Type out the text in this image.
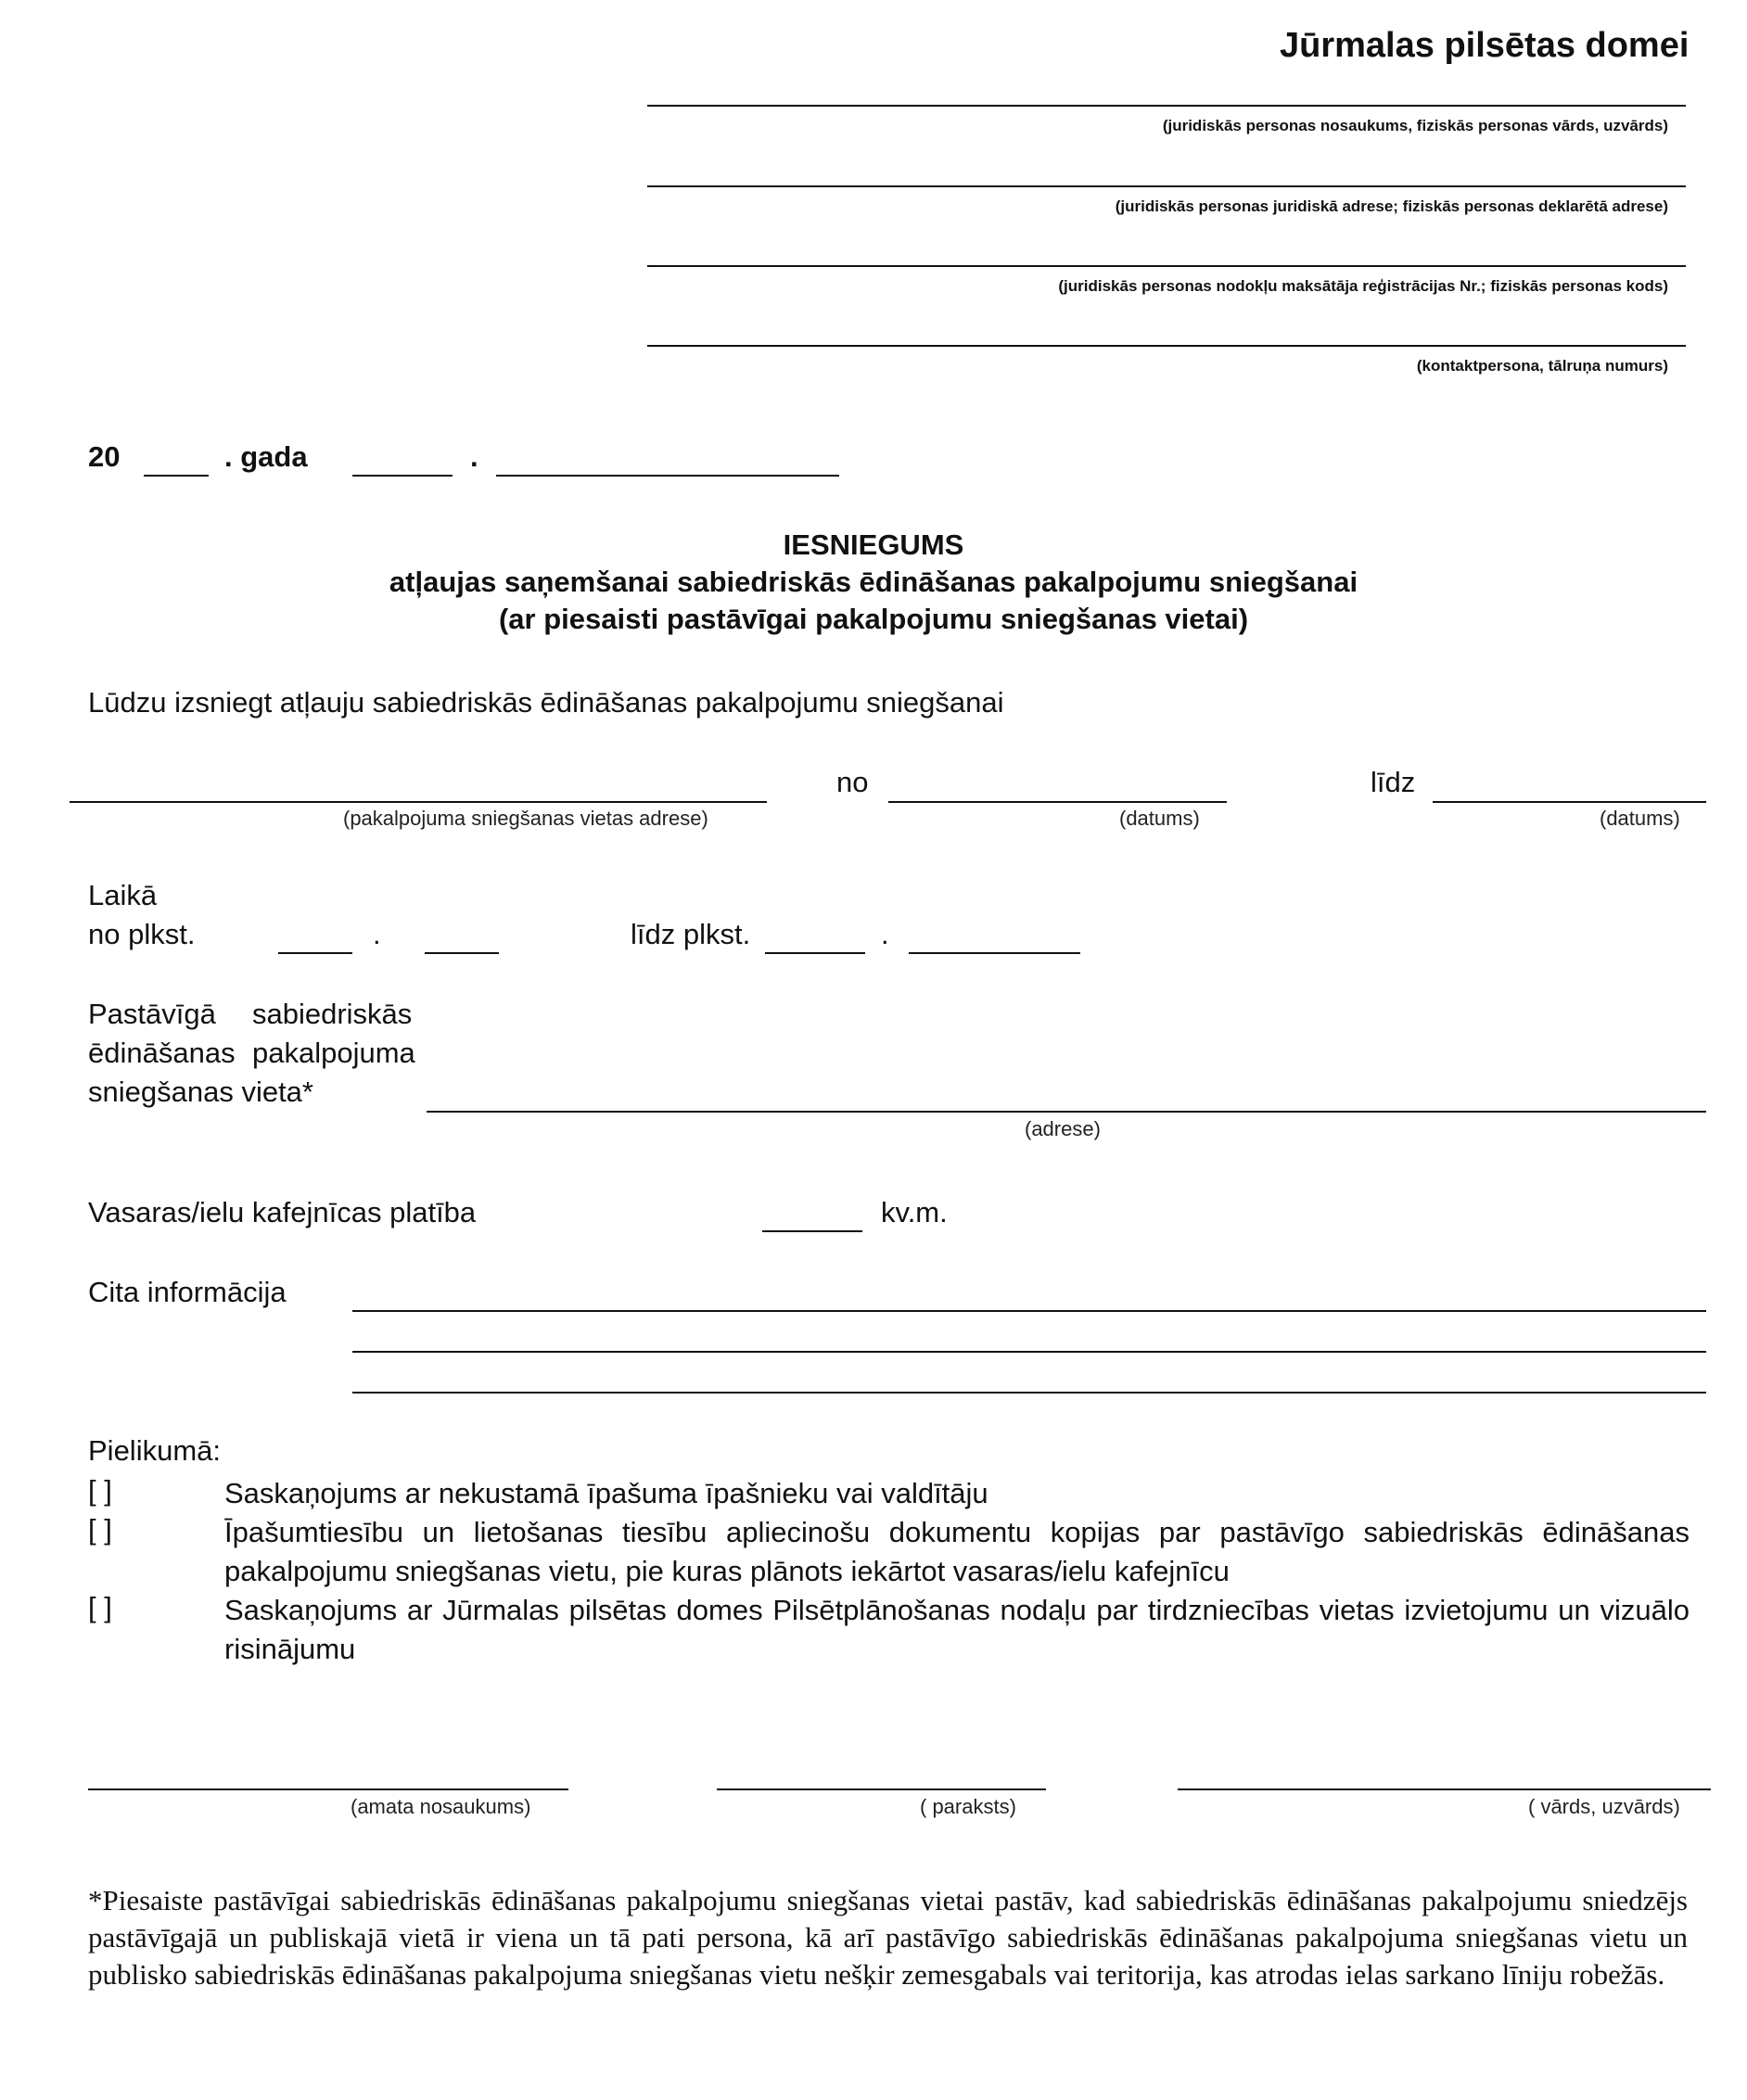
Jūrmalas pilsētas domei
(juridiskās personas nosaukums, fiziskās personas vārds, uzvārds)
(juridiskās personas juridiskā adrese; fiziskās personas deklarētā adrese)
(juridiskās personas nodokļu maksātāja reģistrācijas Nr.; fiziskās personas kods)
(kontaktpersona, tālruņa numurs)
20	. gada	.
IESNIEGUMS
atļaujas saņemšanai sabiedriskās ēdināšanas pakalpojumu sniegšanai
(ar piesaisti pastāvīgai pakalpojumu sniegšanas vietai)
Lūdzu izsniegt atļauju sabiedriskās ēdināšanas pakalpojumu sniegšanai
(pakalpojuma sniegšanas vietas adrese)
no
(datums)
līdz
(datums)
Laikā
no plkst.	.	līdz plkst.	.
Pastāvīgā sabiedriskās
ēdināšanas pakalpojuma
sniegšanas vieta*
(adrese)
Vasaras/ielu kafejnīcas platība	kv.m.
Cita informācija
Pielikumā:
[ ]	Saskaņojums ar nekustamā īpašuma īpašnieku vai valdītāju
[ ]	Īpašumtiesību un lietošanas tiesību apliecinošu dokumentu kopijas par pastāvīgo sabiedriskās ēdināšanas pakalpojumu sniegšanas vietu, pie kuras plānots iekārtot vasaras/ielu kafejnīcu
[ ]	Saskaņojums ar Jūrmalas pilsētas domes Pilsētplānošanas nodaļu par tirdzniecības vietas izvietojumu un vizuālo risinājumu
(amata nosaukums)	( paraksts)	( vārds, uzvārds)
*Piesaiste pastāvīgai sabiedriskās ēdināšanas pakalpojumu sniegšanas vietai pastāv, kad sabiedriskās ēdināšanas pakalpojumu sniedzējs pastāvīgajā un publiskajā vietā ir viena un tā pati persona, kā arī pastāvīgo sabiedriskās ēdināšanas pakalpojuma sniegšanas vietu un publisko sabiedriskās ēdināšanas pakalpojuma sniegšanas vietu nešķir zemesgabals vai teritorija, kas atrodas ielas sarkano līniju robežās.
